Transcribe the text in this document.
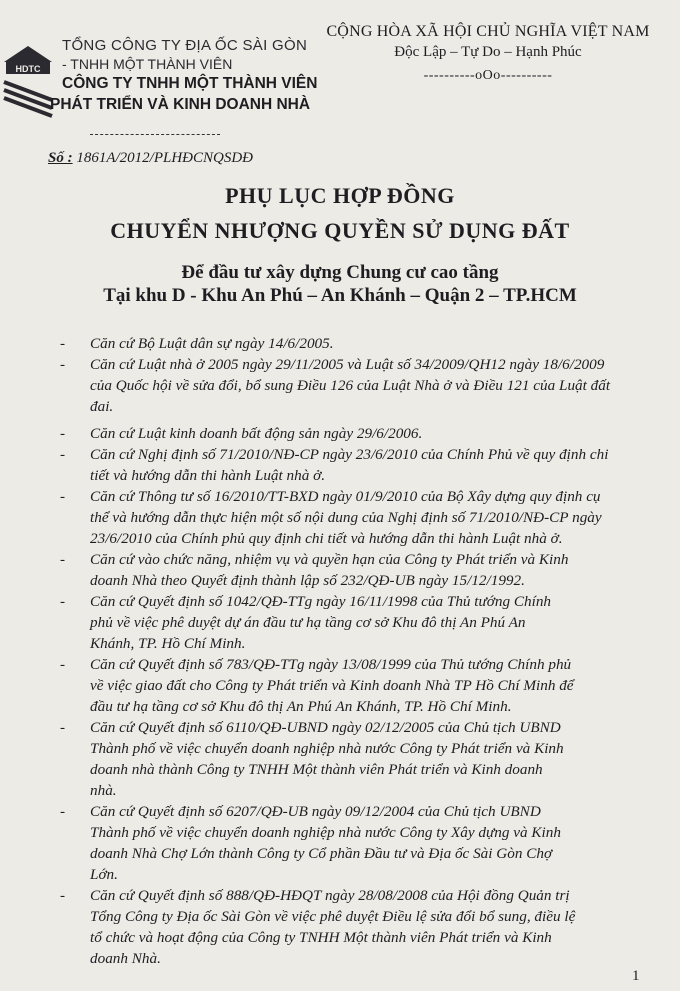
HDTC
TỔNG CÔNG TY ĐỊA ỐC SÀI GÒN
- TNHH MỘT THÀNH VIÊN
CÔNG TY TNHH MỘT THÀNH VIÊN
PHÁT TRIỂN VÀ KINH DOANH NHÀ
Số : 1861A/2012/PLHĐCNQSDĐ
CỘNG HÒA XÃ HỘI CHỦ NGHĨA VIỆT NAM
Độc Lập – Tự Do – Hạnh Phúc
----------oOo----------
PHỤ LỤC HỢP ĐỒNG
CHUYỂN NHƯỢNG QUYỀN SỬ DỤNG ĐẤT
Để đầu tư xây dựng Chung cư cao tầng
Tại khu D - Khu An Phú – An Khánh – Quận 2 – TP.HCM
- Căn cứ Bộ Luật dân sự ngày 14/6/2005.
- Căn cứ Luật nhà ở 2005 ngày 29/11/2005 và Luật số 34/2009/QH12 ngày 18/6/2009
của Quốc hội về sửa đổi, bổ sung Điều 126 của Luật Nhà ở và Điều 121 của Luật đất
đai.
- Căn cứ Luật kinh doanh bất động sản ngày 29/6/2006.
- Căn cứ Nghị định số 71/2010/NĐ-CP ngày 23/6/2010 của Chính Phủ về quy định chi
tiết và hướng dẫn thi hành Luật nhà ở.
- Căn cứ Thông tư số 16/2010/TT-BXD ngày 01/9/2010 của Bộ Xây dựng quy định cụ
thể và hướng dẫn thực hiện một số nội dung của Nghị định số 71/2010/NĐ-CP ngày
23/6/2010 của Chính phủ quy định chi tiết và hướng dẫn thi hành Luật nhà ở.
- Căn cứ vào chức năng, nhiệm vụ và quyền hạn của Công ty Phát triển và Kinh
doanh Nhà theo Quyết định thành lập số 232/QĐ-UB ngày 15/12/1992.
- Căn cứ Quyết định số 1042/QĐ-TTg ngày 16/11/1998 của Thủ tướng Chính
phủ về việc phê duyệt dự án đầu tư hạ tầng cơ sở Khu đô thị An Phú An
Khánh, TP. Hồ Chí Minh.
- Căn cứ Quyết định số 783/QĐ-TTg ngày 13/08/1999 của Thủ tướng Chính phủ
về việc giao đất cho Công ty Phát triển và Kinh doanh Nhà TP Hồ Chí Minh để
đầu tư hạ tầng cơ sở Khu đô thị An Phú An Khánh, TP. Hồ Chí Minh.
- Căn cứ Quyết định số 6110/QĐ-UBND ngày 02/12/2005 của Chủ tịch UBND
Thành phố về việc chuyển doanh nghiệp nhà nước Công ty Phát triển và Kinh
doanh nhà thành Công ty TNHH Một thành viên Phát triển và Kinh doanh
nhà.
- Căn cứ Quyết định số 6207/QĐ-UB ngày 09/12/2004 của Chủ tịch UBND
Thành phố về việc chuyển doanh nghiệp nhà nước Công ty Xây dựng và Kinh
doanh Nhà Chợ Lớn thành Công ty Cổ phần Đầu tư và Địa ốc Sài Gòn Chợ
Lớn.
- Căn cứ Quyết định số 888/QĐ-HĐQT ngày 28/08/2008 của Hội đồng Quản trị
Tổng Công ty Địa ốc Sài Gòn về việc phê duyệt Điều lệ sửa đổi bổ sung, điều lệ
tổ chức và hoạt động của Công ty TNHH Một thành viên Phát triển và Kinh
doanh Nhà.
1
